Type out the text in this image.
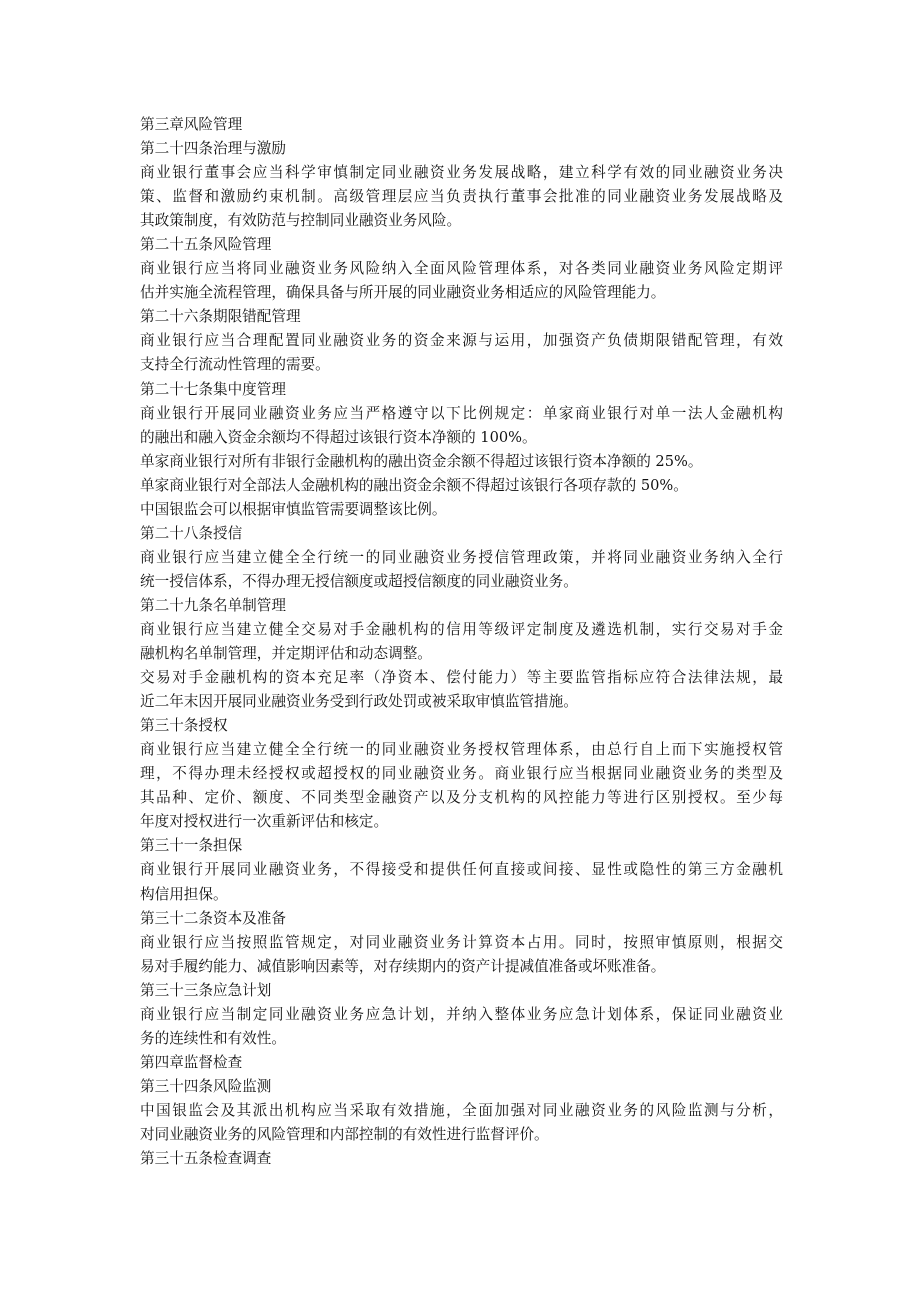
第三章风险管理
第二十四条治理与激励
商业银行董事会应当科学审慎制定同业融资业务发展战略，建立科学有效的同业融资业务决
策、监督和激励约束机制。高级管理层应当负责执行董事会批准的同业融资业务发展战略及
其政策制度，有效防范与控制同业融资业务风险。
第二十五条风险管理
商业银行应当将同业融资业务风险纳入全面风险管理体系，对各类同业融资业务风险定期评
估并实施全流程管理，确保具备与所开展的同业融资业务相适应的风险管理能力。
第二十六条期限错配管理
商业银行应当合理配置同业融资业务的资金来源与运用，加强资产负债期限错配管理，有效
支持全行流动性管理的需要。
第二十七条集中度管理
商业银行开展同业融资业务应当严格遵守以下比例规定：单家商业银行对单一法人金融机构
的融出和融入资金余额均不得超过该银行资本净额的 100%。
单家商业银行对所有非银行金融机构的融出资金余额不得超过该银行资本净额的 25%。
单家商业银行对全部法人金融机构的融出资金余额不得超过该银行各项存款的 50%。
中国银监会可以根据审慎监管需要调整该比例。
第二十八条授信
商业银行应当建立健全全行统一的同业融资业务授信管理政策，并将同业融资业务纳入全行
统一授信体系，不得办理无授信额度或超授信额度的同业融资业务。
第二十九条名单制管理
商业银行应当建立健全交易对手金融机构的信用等级评定制度及遴选机制，实行交易对手金
融机构名单制管理，并定期评估和动态调整。
交易对手金融机构的资本充足率（净资本、偿付能力）等主要监管指标应符合法律法规，最
近二年末因开展同业融资业务受到行政处罚或被采取审慎监管措施。
第三十条授权
商业银行应当建立健全全行统一的同业融资业务授权管理体系，由总行自上而下实施授权管
理，不得办理未经授权或超授权的同业融资业务。商业银行应当根据同业融资业务的类型及
其品种、定价、额度、不同类型金融资产以及分支机构的风控能力等进行区别授权。至少每
年度对授权进行一次重新评估和核定。
第三十一条担保
商业银行开展同业融资业务，不得接受和提供任何直接或间接、显性或隐性的第三方金融机
构信用担保。
第三十二条资本及准备
商业银行应当按照监管规定，对同业融资业务计算资本占用。同时，按照审慎原则，根据交
易对手履约能力、减值影响因素等，对存续期内的资产计提减值准备或坏账准备。
第三十三条应急计划
商业银行应当制定同业融资业务应急计划，并纳入整体业务应急计划体系，保证同业融资业
务的连续性和有效性。
第四章监督检查
第三十四条风险监测
中国银监会及其派出机构应当采取有效措施，全面加强对同业融资业务的风险监测与分析，
对同业融资业务的风险管理和内部控制的有效性进行监督评价。
第三十五条检查调查
